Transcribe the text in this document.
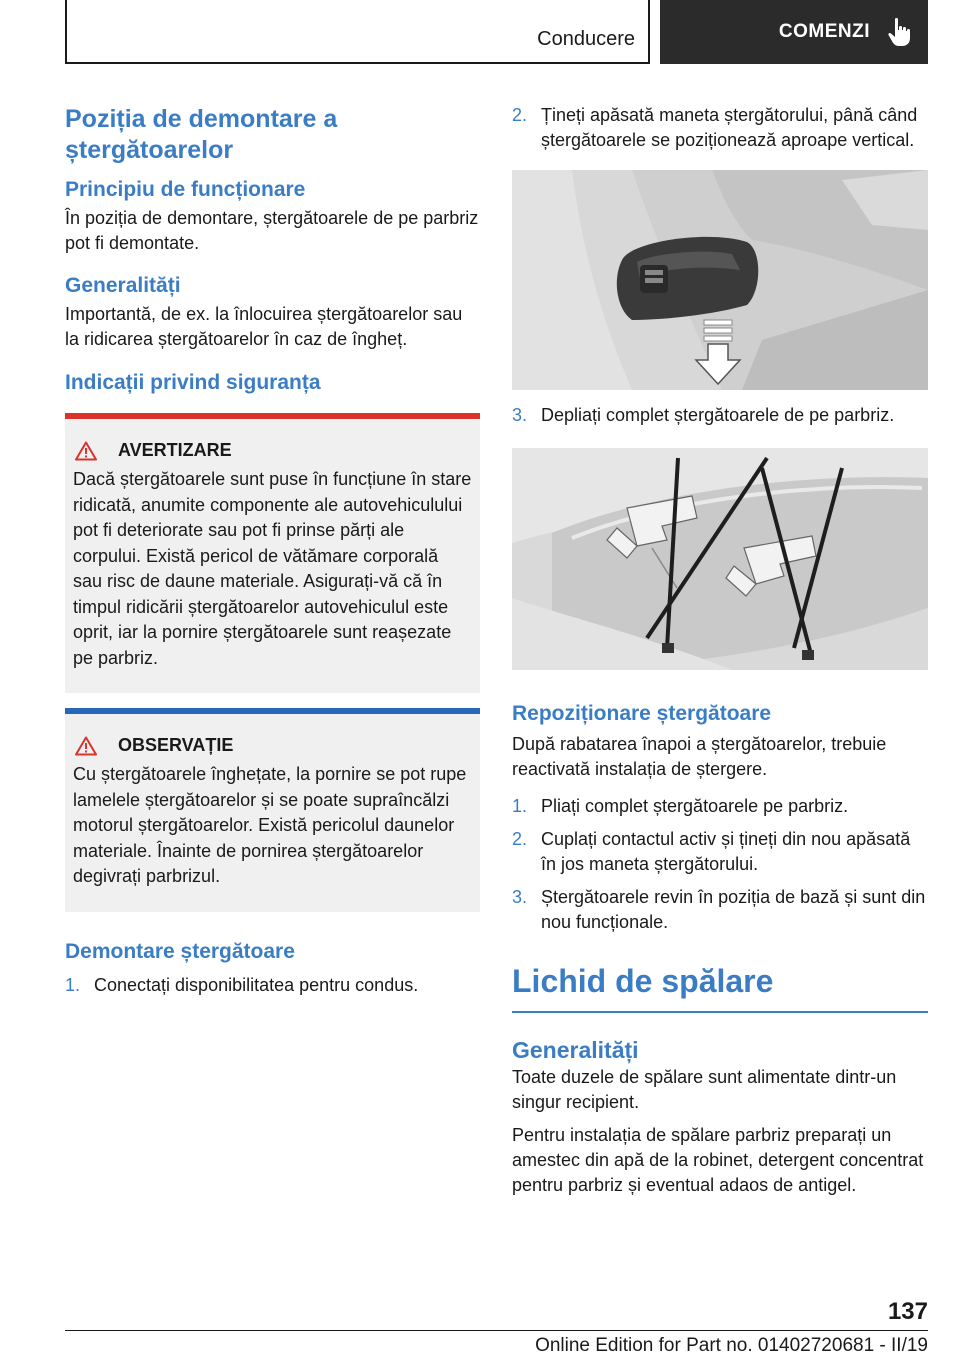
Conducere	COMENZI
Poziția de demontare a ștergătoarelor
Principiu de funcționare
În poziția de demontare, ștergătoarele de pe parbriz pot fi demontate.
Generalități
Importantă, de ex. la înlocuirea ștergătoarelor sau la ridicarea ștergătoarelor în caz de îngheț.
Indicații privind siguranța
AVERTIZARE
Dacă ștergătoarele sunt puse în funcțiune în stare ridicată, anumite componente ale autovehiculului pot fi deteriorate sau pot fi prinse părți ale corpului. Există pericol de vătămare corporală sau risc de daune materiale. Asigurați-vă că în timpul ridicării ștergătoarelor autovehiculul este oprit, iar la pornire ștergătoarele sunt reașezate pe parbriz.
OBSERVAȚIE
Cu ștergătoarele înghețate, la pornire se pot rupe lamelele ștergătoarelor și se poate supraîncălzi motorul ștergătoarelor. Există pericolul daunelor materiale. Înainte de pornirea ștergătoarelor degivrați parbrizul.
Demontare ștergătoare
1. Conectați disponibilitatea pentru condus.
2. Țineți apăsată maneta ștergătorului, până când ștergătoarele se poziționează aproape vertical.
3. Depliați complet ștergătoarele de pe parbriz.
Repoziționare ștergătoare
După rabatarea înapoi a ștergătoarelor, trebuie reactivată instalația de ștergere.
1. Pliați complet ștergătoarele pe parbriz.
2. Cuplați contactul activ și țineți din nou apăsată în jos maneta ștergătorului.
3. Ștergătoarele revin în poziția de bază și sunt din nou funcționale.
Lichid de spălare
Generalități
Toate duzele de spălare sunt alimentate dintr-un singur recipient.
Pentru instalația de spălare parbriz preparați un amestec din apă de la robinet, detergent concentrat pentru parbriz și eventual adaos de antigel.
137
Online Edition for Part no. 01402720681 - II/19
